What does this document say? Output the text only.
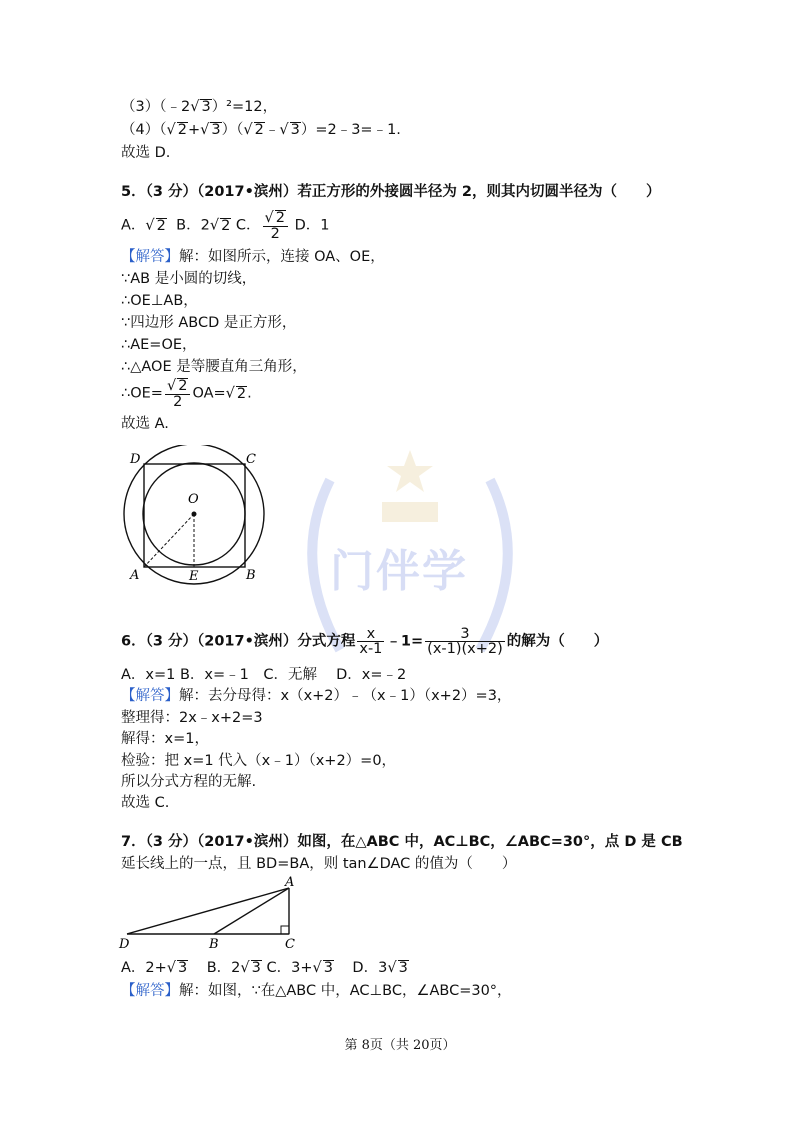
门伴学
（3）（﹣2√ 3）²=12，
（4）（√ 2+√ 3）（√ 2﹣√ 3）=2﹣3=﹣1.
故选 D.
5．（3 分）（2017•滨州）若正方形的外接圆半径为 2，则其内切圆半径为（　　）
A．√ 2 B．2√ 2 C． $\frac{√ 2}{2}$ D．1
【解答】解：如图所示，连接 OA、OE，
∵AB 是小圆的切线，
∴OE⊥AB，
∵四边形 ABCD 是正方形，
∴AE=OE，
∴△AOE 是等腰直角三角形，
∴OE= $\frac{√ 2}{2} OA=√$ 2.
故选 A.
D	C
O
A	E	B
6．（3 分）（2017•滨州）分式方程 $\frac{x}{x-1}$ ﹣1= $\frac{3}{(x-1)(x+2)}$ 的解为（　　）
A．x=1 B．x=﹣1　C．无解　 D．x=﹣2
【解答】解：去分母得：x（x+2）﹣（x﹣1）（x+2）=3，
整理得：2x﹣x+2=3
解得：x=1，
检验：把 x=1 代入（x﹣1）（x+2）=0，
所以分式方程的无解.
故选 C.
7．（3 分）（2017•滨州）如图，在△ABC 中，AC⊥BC，∠ABC=30°，点 D 是 CB
延长线上的一点，且 BD=BA，则 tan∠DAC 的值为（　　）
A
D	B	C
A．2+√ 3 B．2√ 3 C．3+√ 3 D．3√ 3
【解答】解：如图，∵在△ABC 中，AC⊥BC，∠ABC=30°，
第 8页（共 20页）
